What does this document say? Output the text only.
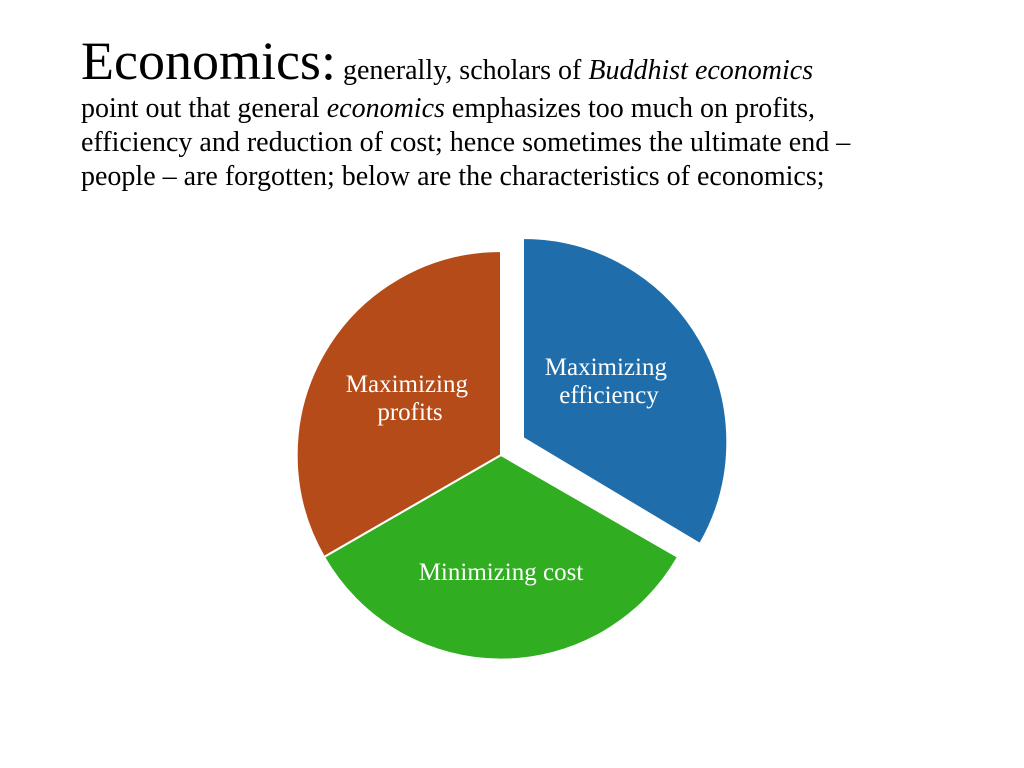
Economics: generally, scholars of Buddhist economics
point out that general economics emphasizes too much on profits,
efficiency and reduction of cost; hence sometimes the ultimate end –
people – are forgotten; below are the characteristics of economics;
Maximizing efficiency
Minimizing cost
Maximizing profits
